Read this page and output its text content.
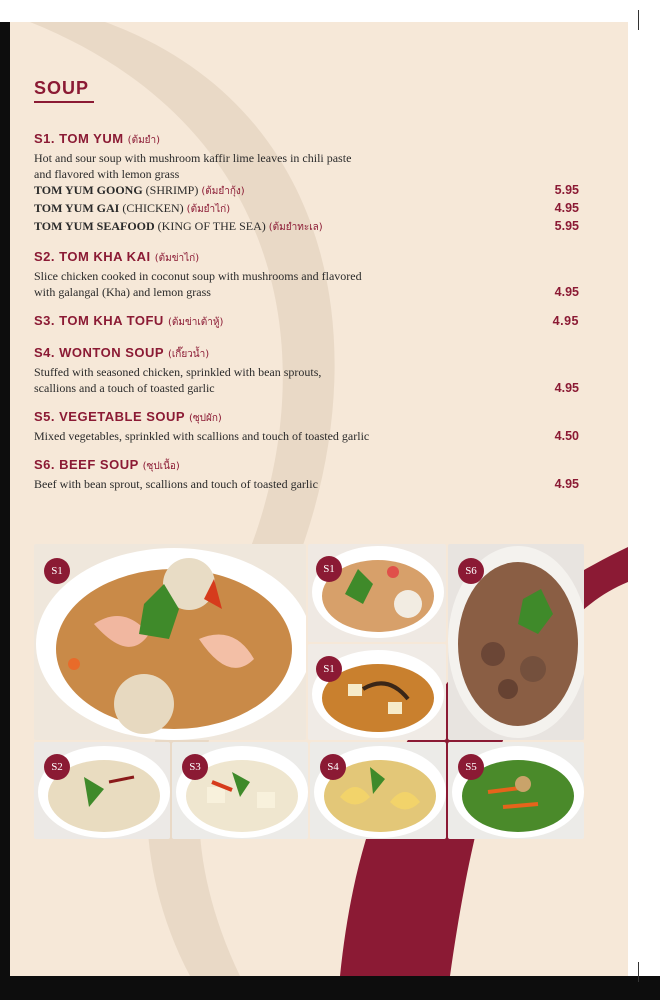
SOUP
S1. TOM YUM (ต้มยำ)
Hot and sour soup with mushroom kaffir lime leaves in chili paste
and flavored with lemon grass
TOM YUM GOONG (SHRIMP) (ต้มยำกุ้ง)	5.95
TOM YUM GAI (CHICKEN) (ต้มยำไก่)	4.95
TOM YUM SEAFOOD (KING OF THE SEA) (ต้มยำทะเล)	5.95
S2. TOM KHA KAI (ต้มข่าไก่)
Slice chicken cooked in coconut soup with mushrooms and flavored
with galangal (Kha) and lemon grass	4.95
S3. TOM KHA TOFU (ต้มข่าเต้าหู้)	4.95
S4. WONTON SOUP (เกี๊ยวน้ำ)
Stuffed with seasoned chicken, sprinkled with bean sprouts,
scallions and a touch of toasted garlic	4.95
S5. VEGETABLE SOUP (ซุปผัก)
Mixed vegetables, sprinkled with scallions and touch of toasted garlic	4.50
S6. BEEF SOUP (ซุปเนื้อ)
Beef with bean sprout, scallions and touch of toasted garlic	4.95
S1	S1	S6
S1
S2	S3	S4	S5
